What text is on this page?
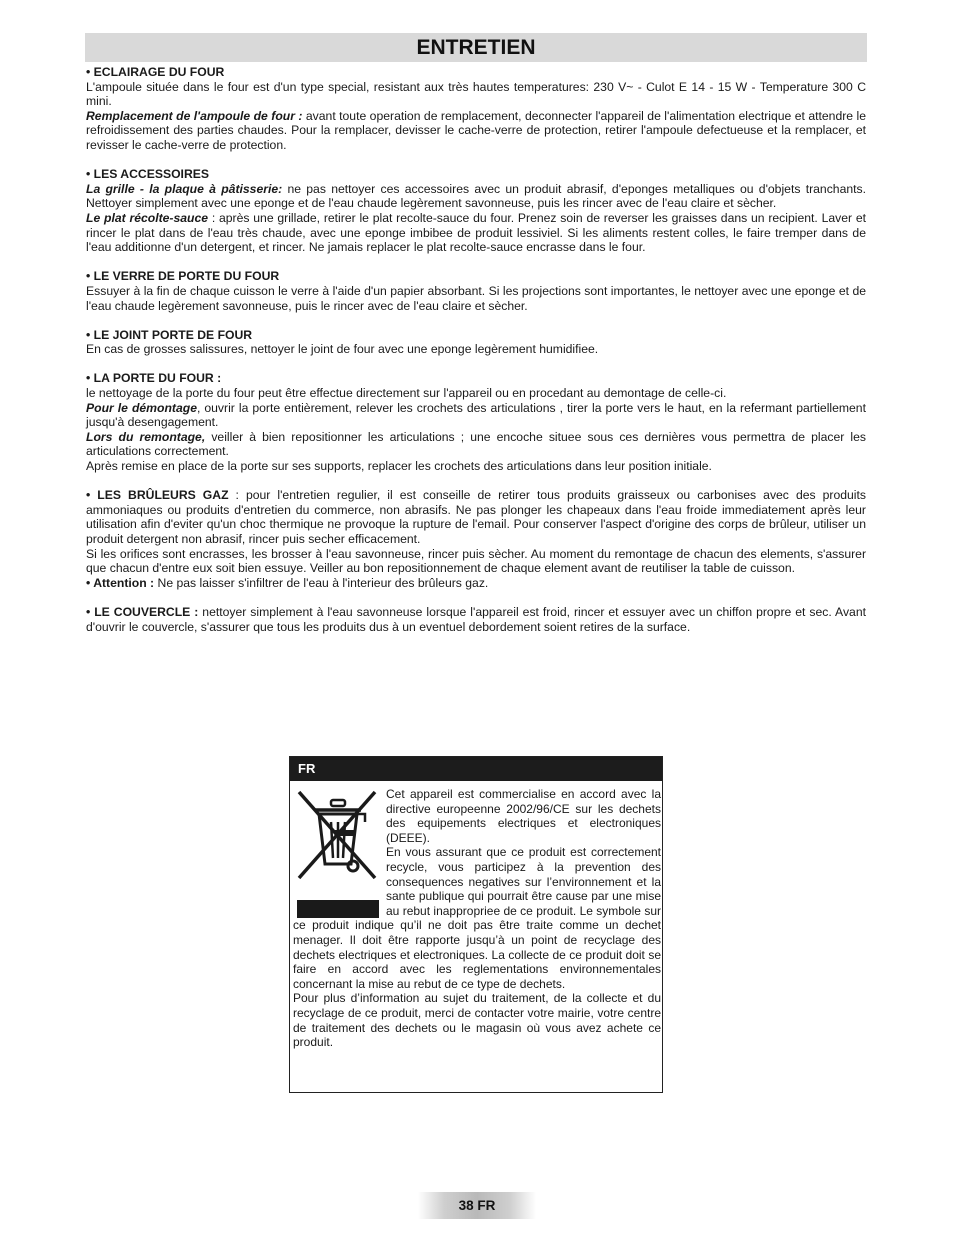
ENTRETIEN

• ECLAIRAGE DU FOUR

L'ampoule située dans le four est d'un type special, resistant aux très hautes temperatures: 230 V~ - Culot E 14 - 15 W - Temperature 300 C mini.

Remplacement de l'ampoule de four : avant toute operation de remplacement, deconnecter l'appareil de l'alimentation electrique et attendre le refroidissement des parties chaudes. Pour la remplacer, devisser le cache-verre de protection, retirer l'ampoule defectueuse et la remplacer, et revisser le cache-verre de protection.

• LES ACCESSOIRES

La grille - la plaque à pâtisserie: ne pas nettoyer ces accessoires avec un produit abrasif, d'eponges metalliques ou d'objets tranchants. Nettoyer simplement avec une eponge et de l'eau chaude legèrement savonneuse, puis les rincer avec de l'eau claire et sècher.

Le plat récolte-sauce : après une grillade, retirer le plat recolte-sauce du four. Prenez soin de reverser les graisses dans un recipient. Laver et rincer le plat dans de l'eau très chaude, avec une eponge imbibee de produit lessiviel. Si les aliments restent colles, le faire tremper dans de l'eau additionne d'un detergent, et rincer. Ne jamais replacer le plat recolte-sauce encrasse dans le four.

• LE VERRE DE PORTE DU FOUR

Essuyer à la fin de chaque cuisson le verre à l'aide d'un papier absorbant. Si les projections sont importantes, le nettoyer avec une eponge et de l'eau chaude legèrement savonneuse, puis le rincer avec de l'eau claire et sècher.

• LE JOINT PORTE DE FOUR

En cas de grosses salissures, nettoyer le joint de four avec une eponge legèrement humidifiee.

• LA PORTE DU FOUR :

le nettoyage de la porte du four peut être effectue directement sur l'appareil ou en procedant au demontage de celle-ci.

Pour le démontage, ouvrir la porte entièrement, relever les crochets des articulations , tirer la porte vers le haut, en la refermant partiellement jusqu'à desengagement.

Lors du remontage, veiller à bien repositionner les articulations ; une encoche situee sous ces dernières vous permettra de placer les articulations correctement.

Après remise en place de la porte sur ses supports, replacer les crochets des articulations dans leur position initiale.

• LES BRÛLEURS GAZ : pour l'entretien regulier, il est conseille de retirer tous produits graisseux ou carbonises avec des produits ammoniaques ou produits d'entretien du commerce, non abrasifs. Ne pas plonger les chapeaux dans l'eau froide immediatement après leur utilisation afin d'eviter qu'un choc thermique ne provoque la rupture de l'email. Pour conserver l'aspect d'origine des corps de brûleur, utiliser un produit detergent non abrasif, rincer puis secher efficacement.

Si les orifices sont encrasses, les brosser à l'eau savonneuse, rincer puis sècher. Au moment du remontage de chacun des elements, s'assurer que chacun d'entre eux soit bien essuye. Veiller au bon repositionnement de chaque element avant de reutiliser la table de cuisson.

• Attention : Ne pas laisser s'infiltrer de l'eau à l'interieur des brûleurs gaz.

• LE COUVERCLE : nettoyer simplement à l'eau savonneuse lorsque l'appareil est froid, rincer et essuyer avec un chiffon propre et sec. Avant d'ouvrir le couvercle, s'assurer que tous les produits dus à un eventuel debordement soient retires de la surface.

FR

Cet appareil est commercialise en accord avec la directive europeenne 2002/96/CE sur les dechets des equipements electriques et electroniques (DEEE).

En vous assurant que ce produit est correctement recycle, vous participez à la prevention des consequences negatives sur l’environnement et la sante publique qui pourrait être cause par une mise au rebut inappropriee de ce produit. Le symbole sur ce produit indique qu’il ne doit pas être traite comme un dechet menager. Il doit être rapporte jusqu’à un point de recyclage des dechets electriques et electroniques. La collecte de ce produit doit se faire en accord avec les reglementations environnementales concernant la mise au rebut de ce type de dechets.

Pour plus d’information au sujet du traitement, de la collecte et du recyclage de ce produit, merci de contacter votre mairie, votre centre de traitement des dechets ou le magasin où vous avez achete ce produit.

38 FR
